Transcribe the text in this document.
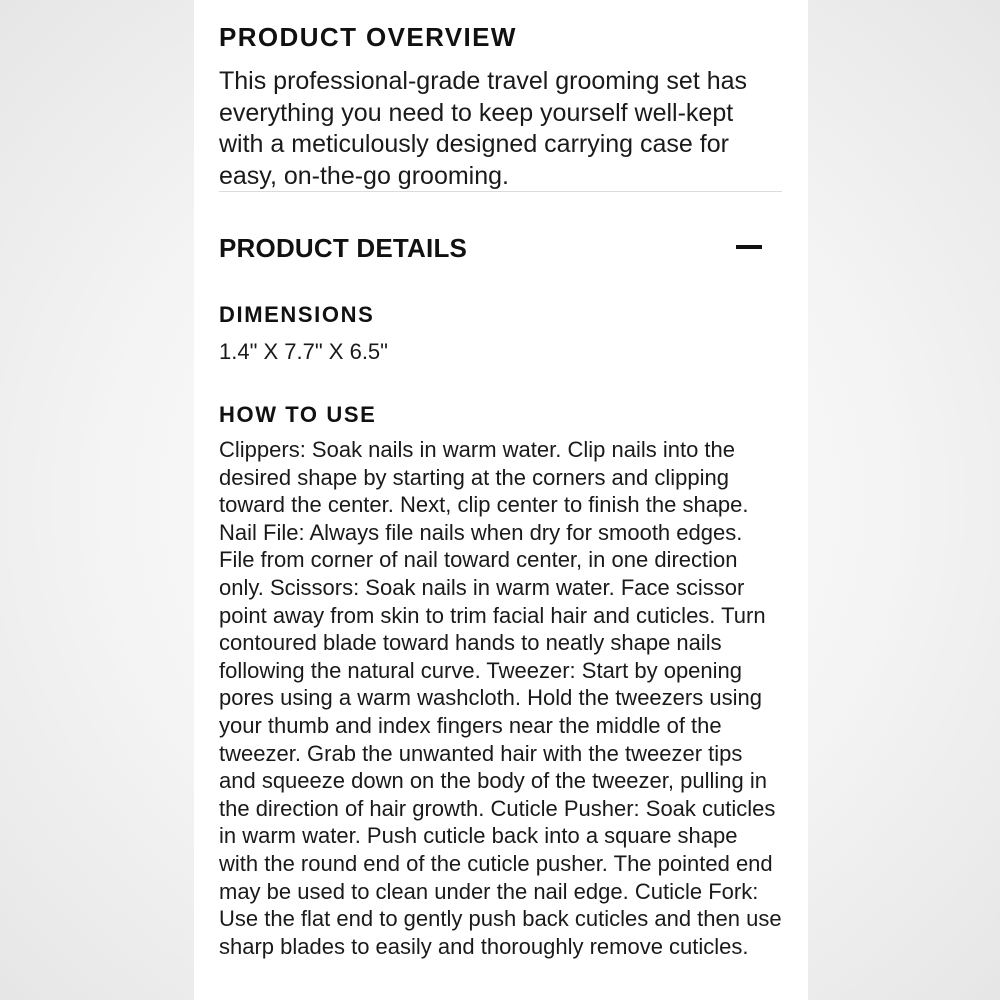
PRODUCT OVERVIEW

This professional-grade travel grooming set has everything you need to keep yourself well-kept with a meticulously designed carrying case for easy, on-the-go grooming.

PRODUCT DETAILS
DIMENSIONS

1.4" X 7.7" X 6.5"

HOW TO USE

Clippers: Soak nails in warm water. Clip nails into the desired shape by starting at the corners and clipping toward the center. Next, clip center to finish the shape. Nail File: Always file nails when dry for smooth edges. File from corner of nail toward center, in one direction only. Scissors: Soak nails in warm water. Face scissor point away from skin to trim facial hair and cuticles. Turn contoured blade toward hands to neatly shape nails following the natural curve. Tweezer: Start by opening pores using a warm washcloth. Hold the tweezers using your thumb and index fingers near the middle of the tweezer. Grab the unwanted hair with the tweezer tips and squeeze down on the body of the tweezer, pulling in the direction of hair growth. Cuticle Pusher: Soak cuticles in warm water. Push cuticle back into a square shape with the round end of the cuticle pusher. The pointed end may be used to clean under the nail edge. Cuticle Fork: Use the flat end to gently push back cuticles and then use sharp blades to easily and thoroughly remove cuticles.
